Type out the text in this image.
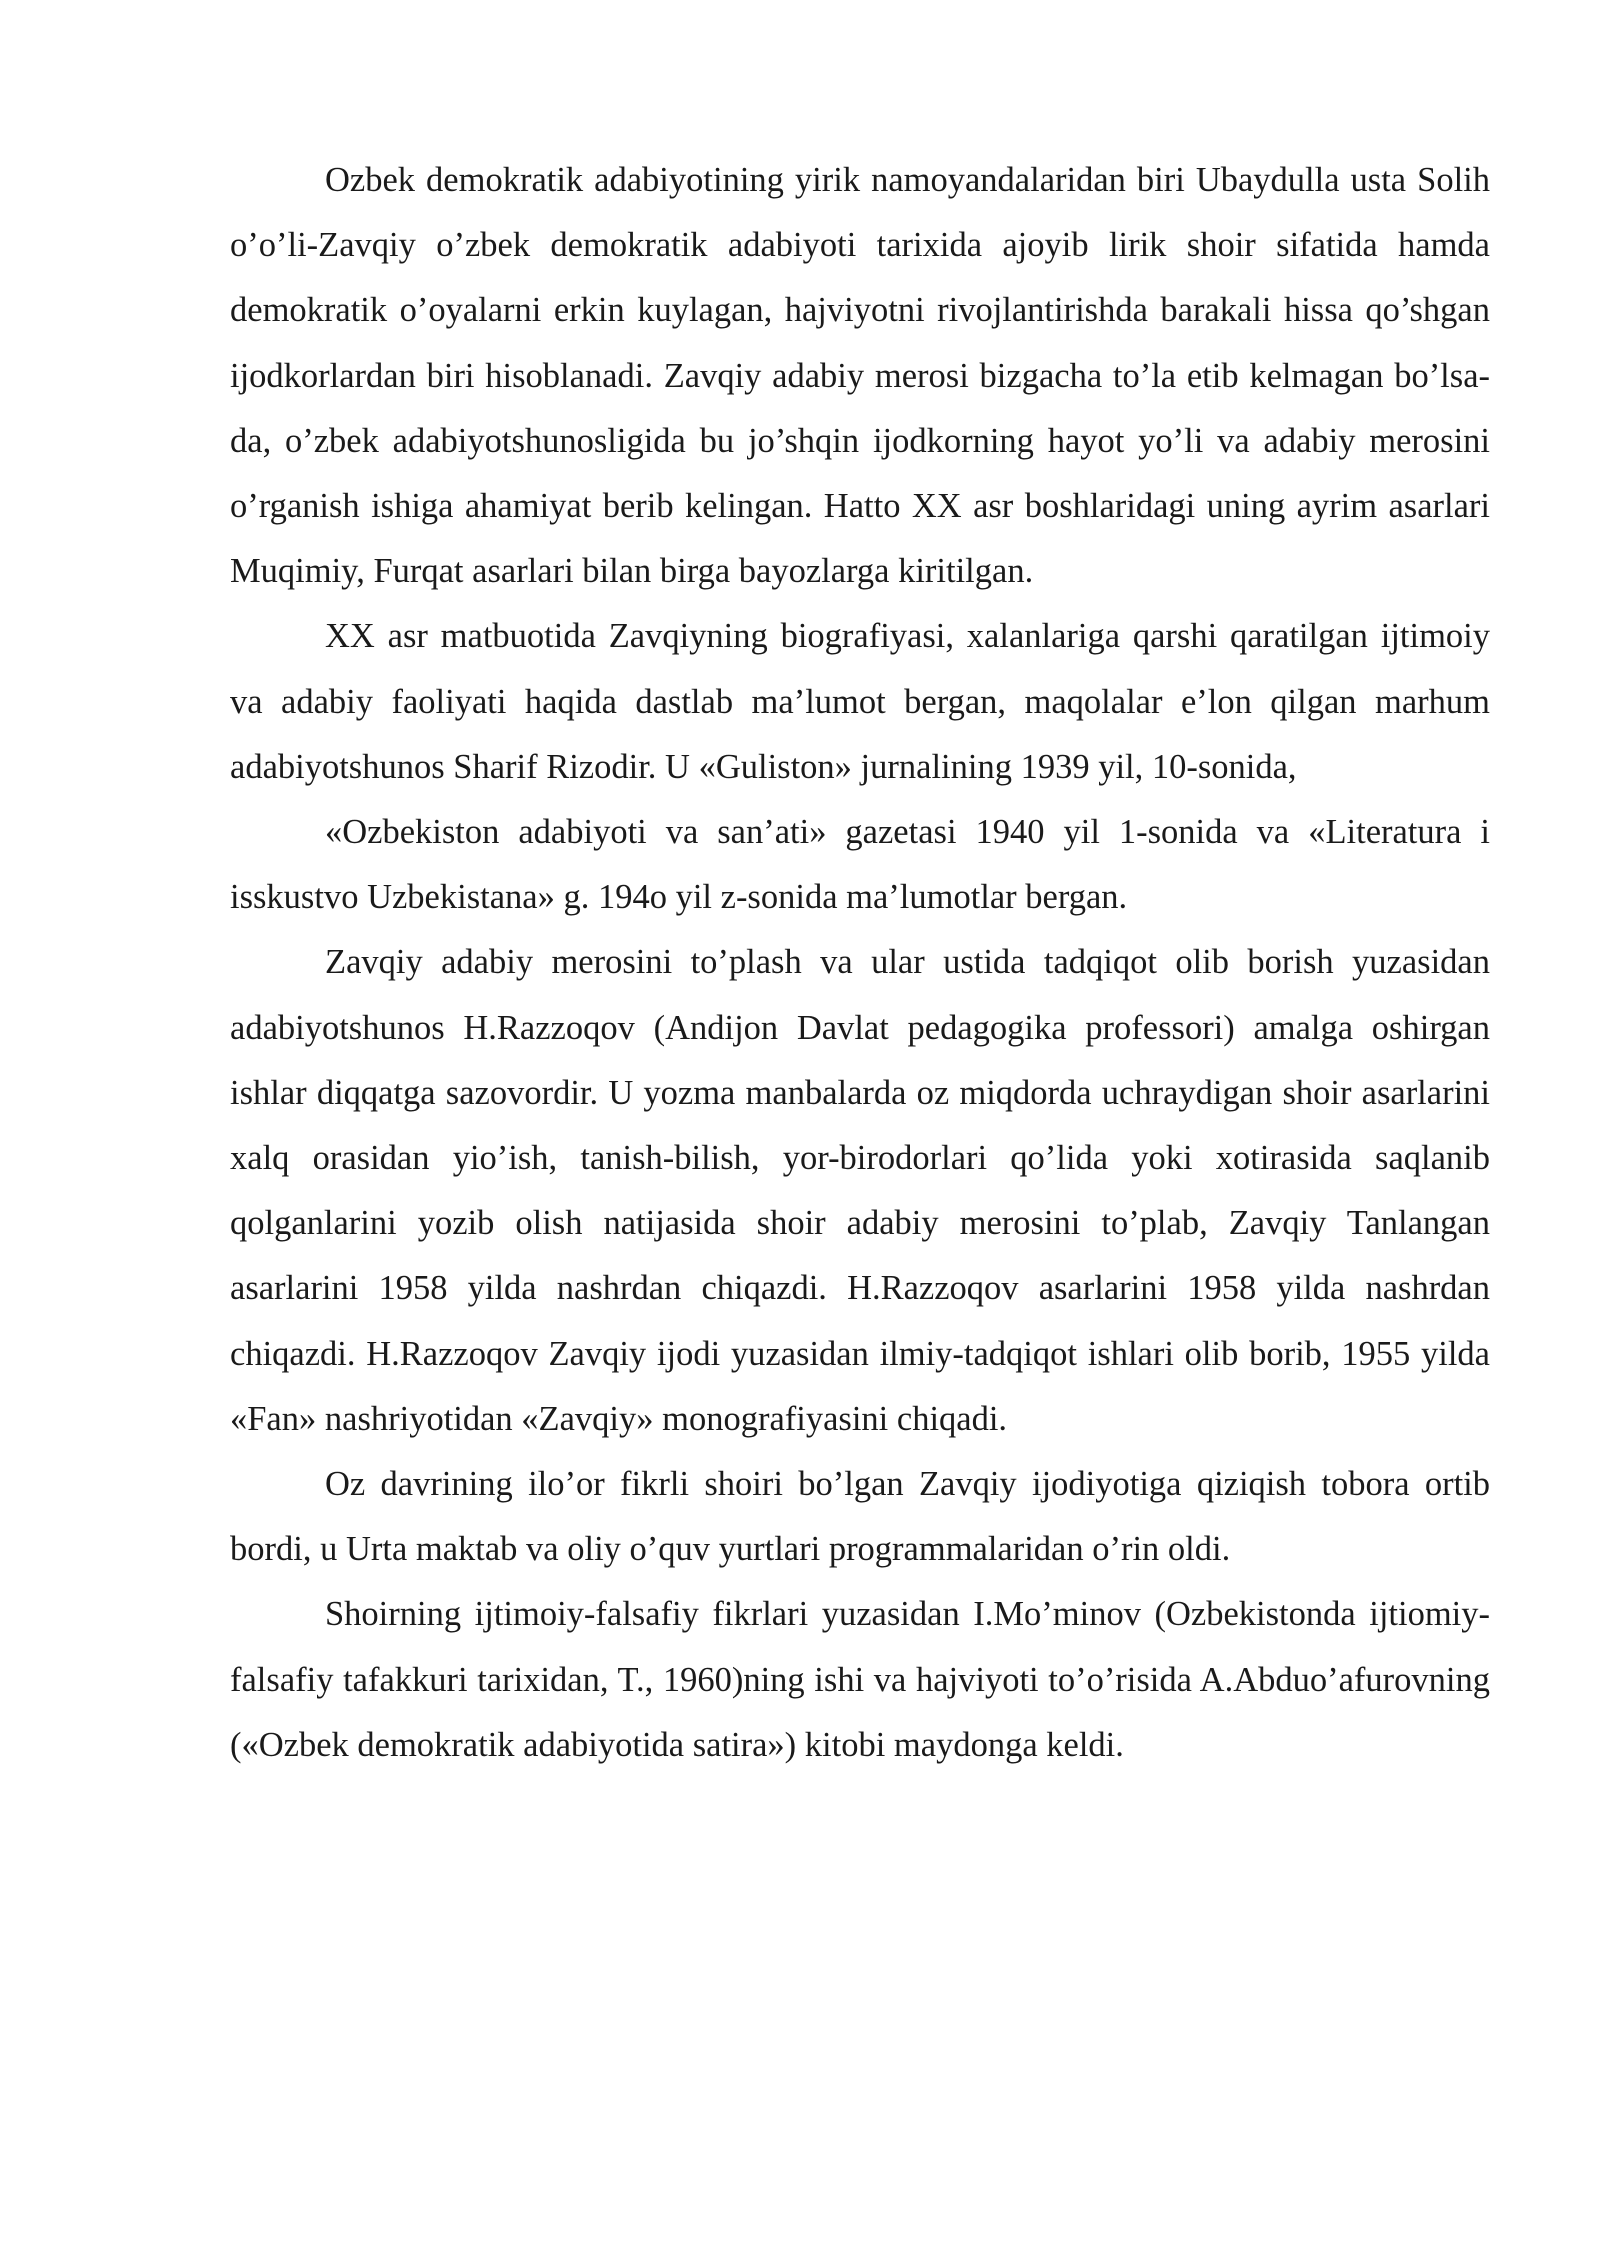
Ozbek demokratik adabiyotining yirik namoyandalaridan biri Ubaydulla usta Solih o’o’li-Zavqiy o’zbek demokratik adabiyoti tarixida ajoyib lirik shoir sifatida hamda demokratik o’oyalarni erkin kuylagan, hajviyotni rivojlantirishda barakali hissa qo’shgan ijodkorlardan biri hisoblanadi. Zavqiy adabiy merosi bizgacha to’la etib kelmagan bo’lsa-da, o’zbek adabiyotshunosligida bu jo’shqin ijodkorning hayot yo’li va adabiy merosini o’rganish ishiga ahamiyat berib kelingan. Hatto XX asr boshlaridagi uning ayrim asarlari Muqimiy, Furqat asarlari bilan birga bayozlarga kiritilgan.

XX asr matbuotida Zavqiyning biografiyasi, xalanlariga qarshi qaratilgan ijtimoiy va adabiy faoliyati haqida dastlab ma’lumot bergan, maqolalar e’lon qilgan marhum adabiyotshunos Sharif Rizodir. U «Guliston» jurnalining 1939 yil, 10-sonida,

«Ozbekiston adabiyoti va san’ati» gazetasi 1940 yil 1-sonida va «Literatura i isskustvo Uzbekistana» g. 194o yil z-sonida ma’lumotlar bergan.

Zavqiy adabiy merosini to’plash va ular ustida tadqiqot olib borish yuzasidan adabiyotshunos H.Razzoqov (Andijon Davlat pedagogika professori) amalga oshirgan ishlar diqqatga sazovordir. U yozma manbalarda oz miqdorda uchraydigan shoir asarlarini xalq orasidan yio’ish, tanish-bilish, yor-birodorlari qo’lida yoki xotirasida saqlanib qolganlarini yozib olish natijasida shoir adabiy merosini to’plab, Zavqiy Tanlangan asarlarini 1958 yilda nashrdan chiqazdi. H.Razzoqov asarlarini 1958 yilda nashrdan chiqazdi. H.Razzoqov Zavqiy ijodi yuzasidan ilmiy-tadqiqot ishlari olib borib, 1955 yilda «Fan» nashriyotidan «Zavqiy» monografiyasini chiqadi.

Oz davrining ilo’or fikrli shoiri bo’lgan Zavqiy ijodiyotiga qiziqish tobora ortib bordi, u Urta maktab va oliy o’quv yurtlari programmalaridan o’rin oldi.

Shoirning ijtimoiy-falsafiy fikrlari yuzasidan I.Mo’minov (Ozbekistonda ijtiomiy-falsafiy tafakkuri tarixidan, T., 1960)ning ishi va hajviyoti to’o’risida A.Abduo’afurovning («Ozbek demokratik adabiyotida satira») kitobi maydonga keldi.
